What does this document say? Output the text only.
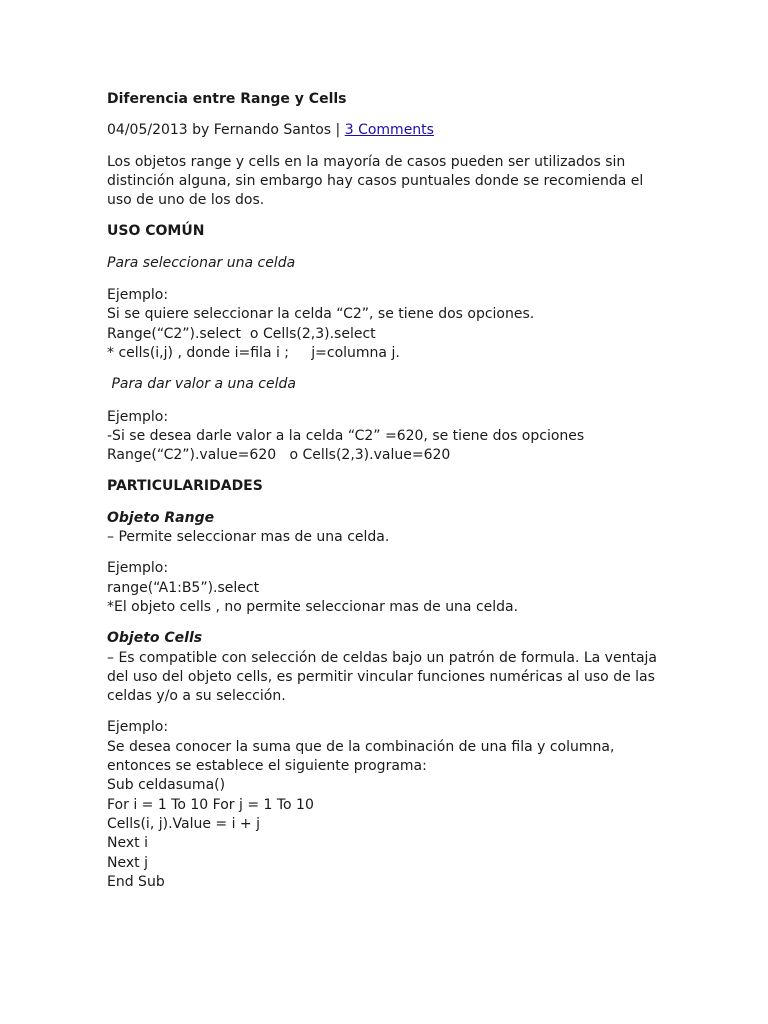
Diferencia entre Range y Cells

04/05/2013 by Fernando Santos | 3 Comments

Los objetos range y cells en la mayoría de casos pueden ser utilizados sin

distinción alguna, sin embargo hay casos puntuales donde se recomienda el

uso de uno de los dos.

USO COMÚN

Para seleccionar una celda

Ejemplo:

Si se quiere seleccionar la celda “C2”, se tiene dos opciones.

Range(“C2”).select  o Cells(2,3).select

* cells(i,j) , donde i=fila i ;     j=columna j.

Para dar valor a una celda

Ejemplo:

-Si se desea darle valor a la celda “C2” =620, se tiene dos opciones

Range(“C2”).value=620   o Cells(2,3).value=620

PARTICULARIDADES

Objeto Range

– Permite seleccionar mas de una celda.

Ejemplo:

range(“A1:B5”).select

*El objeto cells , no permite seleccionar mas de una celda.

Objeto Cells

– Es compatible con selección de celdas bajo un patrón de formula. La ventaja

del uso del objeto cells, es permitir vincular funciones numéricas al uso de las

celdas y/o a su selección.

Ejemplo:

Se desea conocer la suma que de la combinación de una fila y columna,

entonces se establece el siguiente programa:

Sub celdasuma()

For i = 1 To 10 For j = 1 To 10

Cells(i, j).Value = i + j

Next i

Next j

End Sub
